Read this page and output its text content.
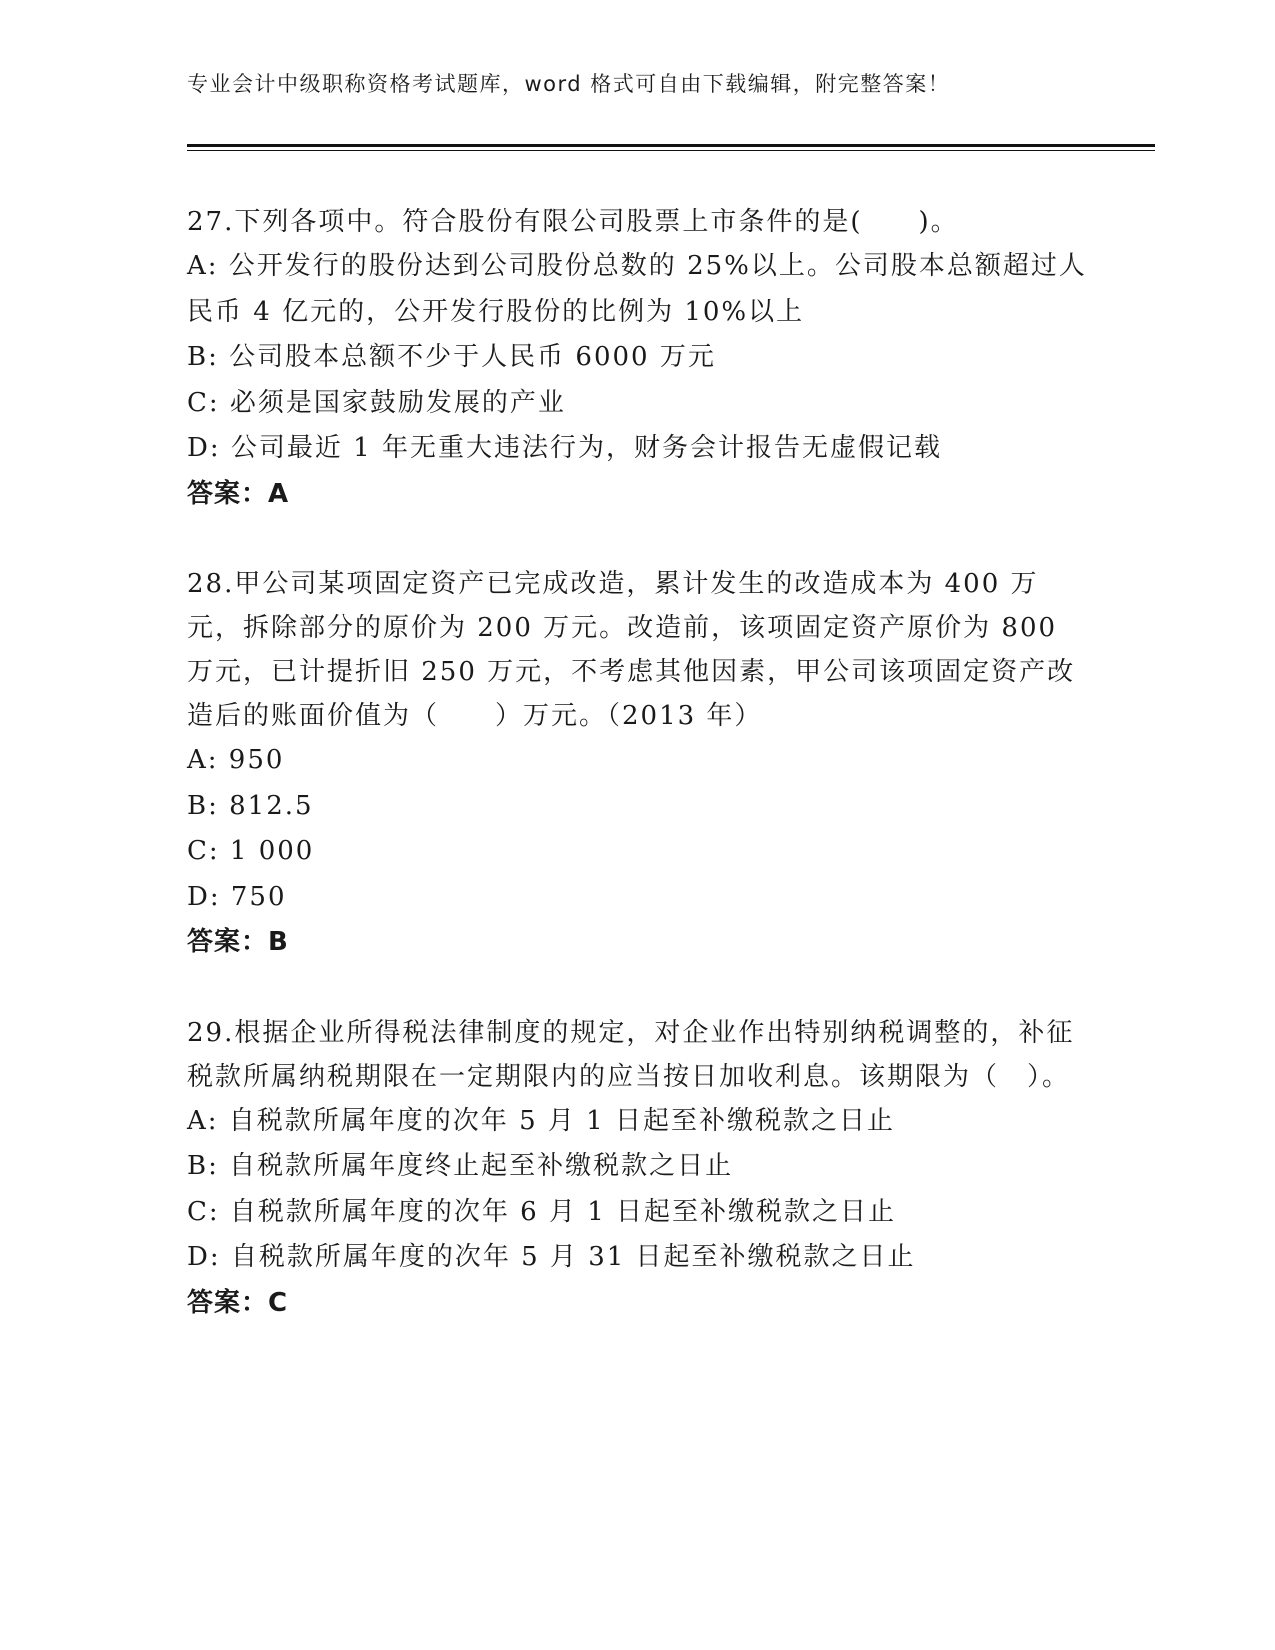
专业会计中级职称资格考试题库，word 格式可自由下载编辑，附完整答案！

27.下列各项中。符合股份有限公司股票上市条件的是(　　)。

A: 公开发行的股份达到公司股份总数的 25%以上。公司股本总额超过人民币 4 亿元的，公开发行股份的比例为 10%以上

B: 公司股本总额不少于人民币 6000 万元

C: 必须是国家鼓励发展的产业

D: 公司最近 1 年无重大违法行为，财务会计报告无虚假记载

答案：A

28.甲公司某项固定资产已完成改造，累计发生的改造成本为 400 万元，拆除部分的原价为 200 万元。改造前，该项固定资产原价为 800 万元，已计提折旧 250 万元，不考虑其他因素，甲公司该项固定资产改造后的账面价值为（　　）万元。（2013 年）

A: 950

B: 812.5

C: 1 000

D: 750

答案：B

29.根据企业所得税法律制度的规定，对企业作出特别纳税调整的，补征税款所属纳税期限在一定期限内的应当按日加收利息。该期限为（　）。

A: 自税款所属年度的次年 5 月 1 日起至补缴税款之日止

B: 自税款所属年度终止起至补缴税款之日止

C: 自税款所属年度的次年 6 月 1 日起至补缴税款之日止

D: 自税款所属年度的次年 5 月 31 日起至补缴税款之日止

答案：C
